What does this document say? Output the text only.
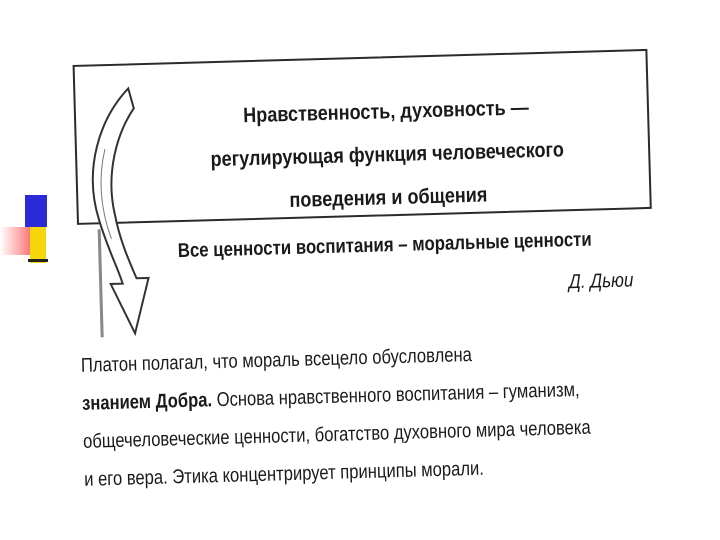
Нравственность, духовность —
регулирующая функция человеческого
поведения и общения
Все ценности воспитания – моральные ценности
Д. Дьюи
Платон полагал, что мораль всецело обусловлена
знанием Добра. Основа нравственного воспитания – гуманизм,
общечеловеческие ценности, богатство духовного мира человека
и его вера. Этика концентрирует принципы морали.
